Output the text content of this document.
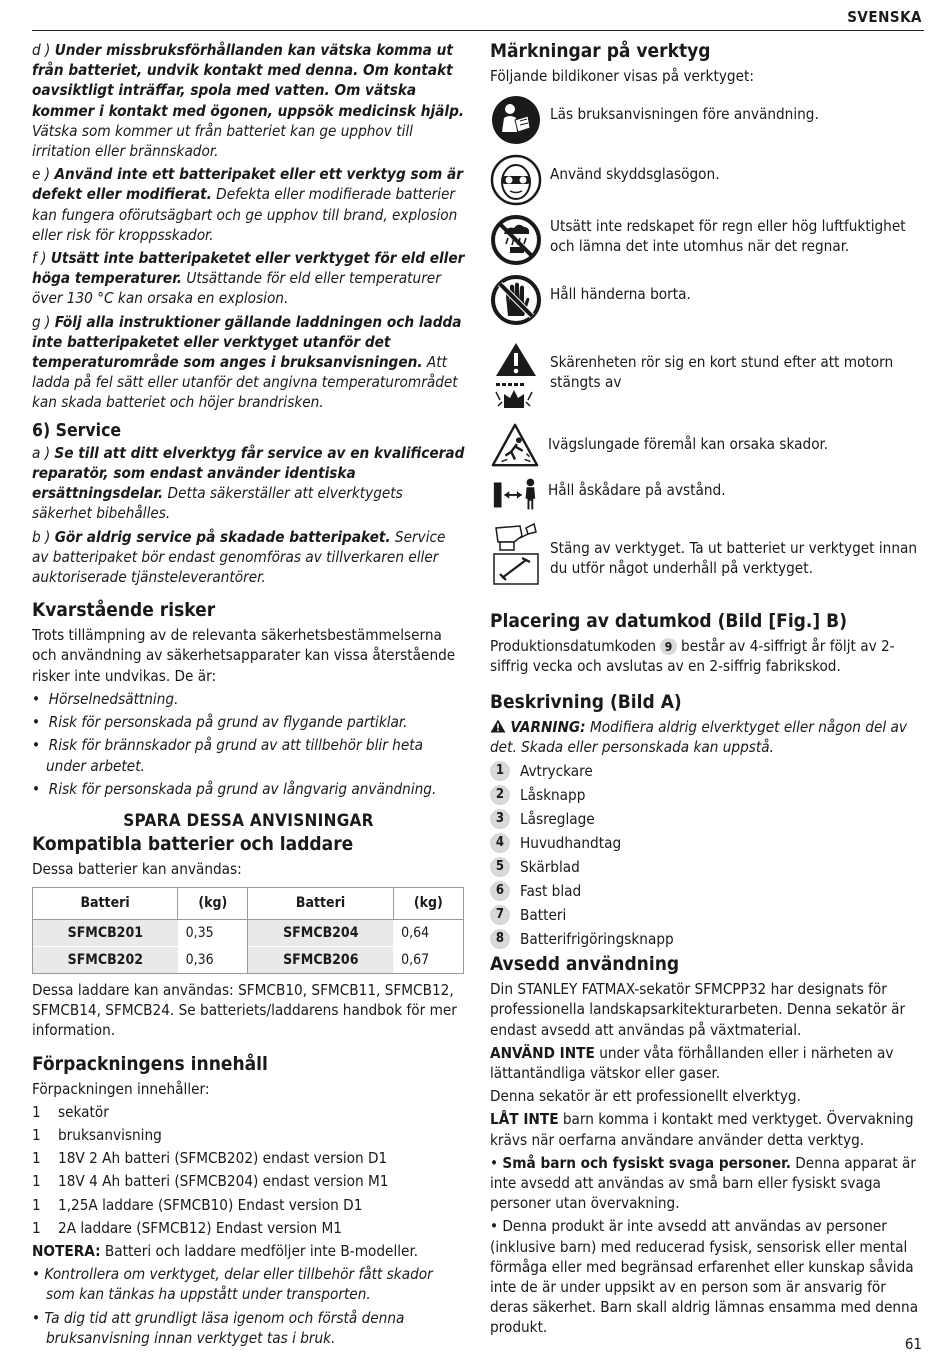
SVENSKA

d ) Under missbruksförhållanden kan vätska komma ut från batteriet, undvik kontakt med denna. Om kontakt oavsiktligt inträffar, spola med vatten. Om vätska kommer i kontakt med ögonen, uppsök medicinsk hjälp. Vätska som kommer ut från batteriet kan ge upphov till irritation eller brännskador.

e ) Använd inte ett batteripaket eller ett verktyg som är defekt eller modifierat. Defekta eller modifierade batterier kan fungera oförutsägbart och ge upphov till brand, explosion eller risk för kroppsskador.

f ) Utsätt inte batteripaketet eller verktyget för eld eller höga temperaturer. Utsättande för eld eller temperaturer över 130 °C kan orsaka en explosion.

g ) Följ alla instruktioner gällande laddningen och ladda inte batteripaketet eller verktyget utanför det temperaturområde som anges i bruksanvisningen. Att ladda på fel sätt eller utanför det angivna temperaturområdet kan skada batteriet och höjer brandrisken.

6) Service

a ) Se till att ditt elverktyg får service av en kvalificerad reparatör, som endast använder identiska ersättningsdelar. Detta säkerställer att elverktygets säkerhet bibehålles.

b ) Gör aldrig service på skadade batteripaket. Service av batteripaket bör endast genomföras av tillverkaren eller auktoriserade tjänsteleverantörer.

Kvarstående risker

Trots tillämpning av de relevanta säkerhetsbestämmelserna och användning av säkerhetsapparater kan vissa återstående risker inte undvikas. De är:

•  Hörselnedsättning.

•  Risk för personskada på grund av flygande partiklar.

•  Risk för brännskador på grund av att tillbehör blir heta under arbetet.

•  Risk för personskada på grund av långvarig användning.

SPARA DESSA ANVISNINGAR
Kompatibla batterier och laddare

Dessa batterier kan användas:

Batteri	(kg)	Batteri	(kg)
SFMCB201	0,35	SFMCB204	0,64
SFMCB202	0,36	SFMCB206	0,67

Dessa laddare kan användas: SFMCB10, SFMCB11, SFMCB12, SFMCB14, SFMCB24. Se batteriets/laddarens handbok för mer information.

Förpackningens innehåll

Förpackningen innehåller:

1	sekatör
1	bruksanvisning
1	18V 2 Ah batteri (SFMCB202) endast version D1
1	18V 4 Ah batteri (SFMCB204) endast version M1
1	1,25A laddare (SFMCB10) Endast version D1
1	2A laddare (SFMCB12) Endast version M1

NOTERA: Batteri och laddare medföljer inte B-modeller.

• Kontrollera om verktyget, delar eller tillbehör fått skador som kan tänkas ha uppstått under transporten.

• Ta dig tid att grundligt läsa igenom och förstå denna bruksanvisning innan verktyget tas i bruk.

Märkningar på verktyg

Följande bildikoner visas på verktyget:

Läs bruksanvisningen före användning.
Använd skyddsglasögon.
Utsätt inte redskapet för regn eller hög luftfuktighet och lämna det inte utomhus när det regnar.
Håll händerna borta.
Skärenheten rör sig en kort stund efter att motorn stängts av
Ivägslungade föremål kan orsaka skador.
Håll åskådare på avstånd.
Stäng av verktyget. Ta ut batteriet ur verktyget innan du utför något underhåll på verktyget.
Placering av datumkod (Bild [Fig.] B)

Produktionsdatumkoden 9 består av 4-siffrigt år följt av 2-siffrig vecka och avslutas av en 2-siffrig fabrikskod.

Beskrivning (Bild A)

VARNING: Modifiera aldrig elverktyget eller någon del av det. Skada eller personskada kan uppstå.

1	Avtryckare
2	Låsknapp
3	Låsreglage
4	Huvudhandtag
5	Skärblad
6	Fast blad
7	Batteri
8	Batterifrigöringsknapp
Avsedd användning

Din STANLEY FATMAX-sekatör SFMCPP32 har designats för professionella landskapsarkitekturarbeten. Denna sekatör är endast avsedd att användas på växtmaterial.

ANVÄND INTE under våta förhållanden eller i närheten av lättantändliga vätskor eller gaser.

Denna sekatör är ett professionellt elverktyg.

LÅT INTE barn komma i kontakt med verktyget. Övervakning krävs när oerfarna användare använder detta verktyg.

• Små barn och fysiskt svaga personer. Denna apparat är inte avsedd att användas av små barn eller fysiskt svaga personer utan övervakning.

• Denna produkt är inte avsedd att användas av personer (inklusive barn) med reducerad fysisk, sensorisk eller mental förmåga eller med begränsad erfarenhet eller kunskap såvida inte de är under uppsikt av en person som är ansvarig för deras säkerhet. Barn skall aldrig lämnas ensamma med denna produkt.

61
